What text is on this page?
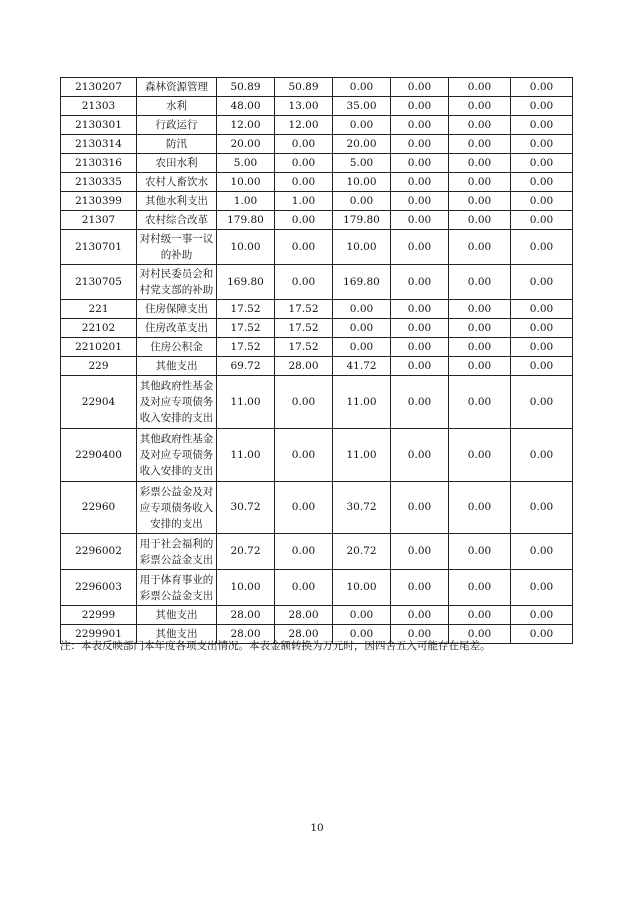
2130207	森林资源管理	50.89	50.89	0.00	0.00	0.00	0.00
21303	水利	48.00	13.00	35.00	0.00	0.00	0.00
2130301	行政运行	12.00	12.00	0.00	0.00	0.00	0.00
2130314	防汛	20.00	0.00	20.00	0.00	0.00	0.00
2130316	农田水利	5.00	0.00	5.00	0.00	0.00	0.00
2130335	农村人畜饮水	10.00	0.00	10.00	0.00	0.00	0.00
2130399	其他水利支出	1.00	1.00	0.00	0.00	0.00	0.00
21307	农村综合改革	179.80	0.00	179.80	0.00	0.00	0.00
2130701	对村级一事一议的补助	10.00	0.00	10.00	0.00	0.00	0.00
2130705	对村民委员会和村党支部的补助	169.80	0.00	169.80	0.00	0.00	0.00
221	住房保障支出	17.52	17.52	0.00	0.00	0.00	0.00
22102	住房改革支出	17.52	17.52	0.00	0.00	0.00	0.00
2210201	住房公积金	17.52	17.52	0.00	0.00	0.00	0.00
229	其他支出	69.72	28.00	41.72	0.00	0.00	0.00
22904	其他政府性基金及对应专项债务收入安排的支出	11.00	0.00	11.00	0.00	0.00	0.00
2290400	其他政府性基金及对应专项债务收入安排的支出	11.00	0.00	11.00	0.00	0.00	0.00
22960	彩票公益金及对应专项债务收入安排的支出	30.72	0.00	30.72	0.00	0.00	0.00
2296002	用于社会福利的彩票公益金支出	20.72	0.00	20.72	0.00	0.00	0.00
2296003	用于体育事业的彩票公益金支出	10.00	0.00	10.00	0.00	0.00	0.00
22999	其他支出	28.00	28.00	0.00	0.00	0.00	0.00
2299901	其他支出	28.00	28.00	0.00	0.00	0.00	0.00
注：本表反映部门本年度各项支出情况。本表金额转换为万元时，因四舍五入可能存在尾差。
10
